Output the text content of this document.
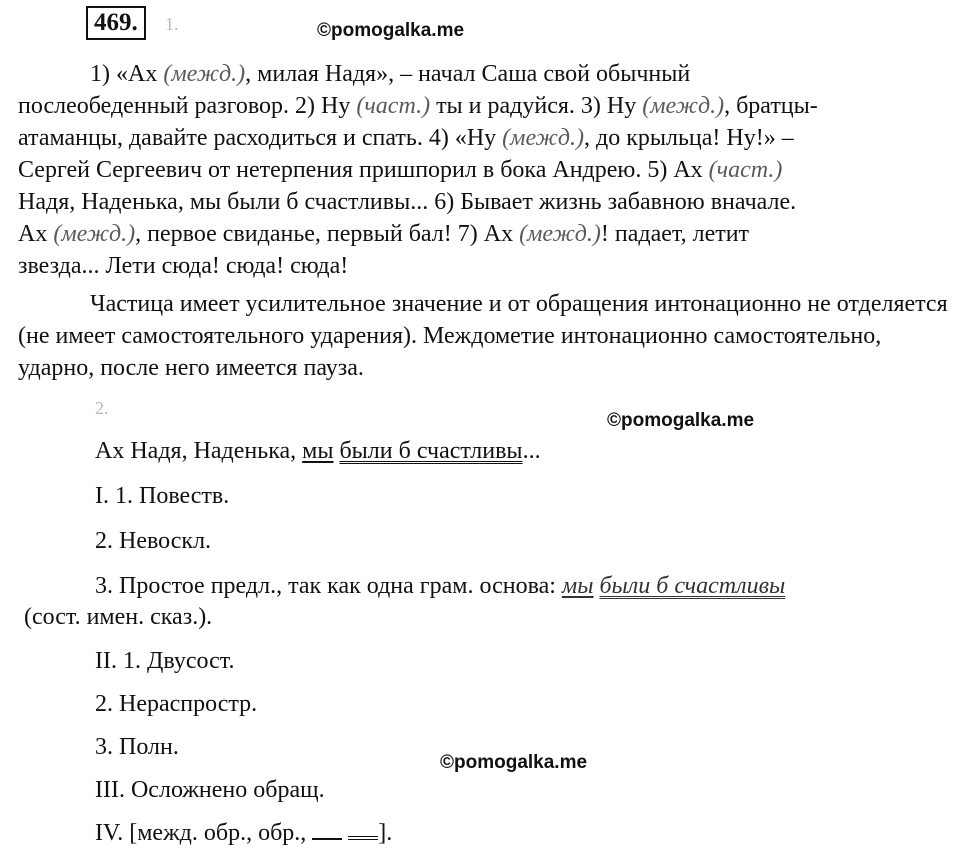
469.	1.	©pomogalka.me
1) «Ах (межд.), милая Надя», – начал Саша свой обычный
послеобеденный разговор. 2) Ну (част.) ты и радуйся. 3) Ну (межд.), братцы-
атаманцы, давайте расходиться и спать. 4) «Ну (межд.), до крыльца! Ну!» –
Сергей Сергеевич от нетерпения пришпорил в бока Андрею. 5) Ах (част.)
Надя, Наденька, мы были б счастливы... 6) Бывает жизнь забавною вначале.
Ах (межд.), первое свиданье, первый бал! 7) Ах (межд.)! падает, летит
звезда... Лети сюда! сюда! сюда!
Частица имеет усилительное значение и от обращения интонационно не отделяется (не имеет самостоятельного ударения). Междометие интонационно самостоятельно, ударно, после него имеется пауза.
2.
©pomogalka.me
Ах Надя, Наденька, мы были б счастливы...
I. 1. Повеств.
2. Невоскл.
3. Простое предл., так как одна грам. основа: мы были б счастливы
(сост. имен. сказ.).
II. 1. Двусост.
2. Нераспростр.
3. Полн.
©pomogalka.me
III. Осложнено обращ.
IV. [межд. обр., обр.,	].
